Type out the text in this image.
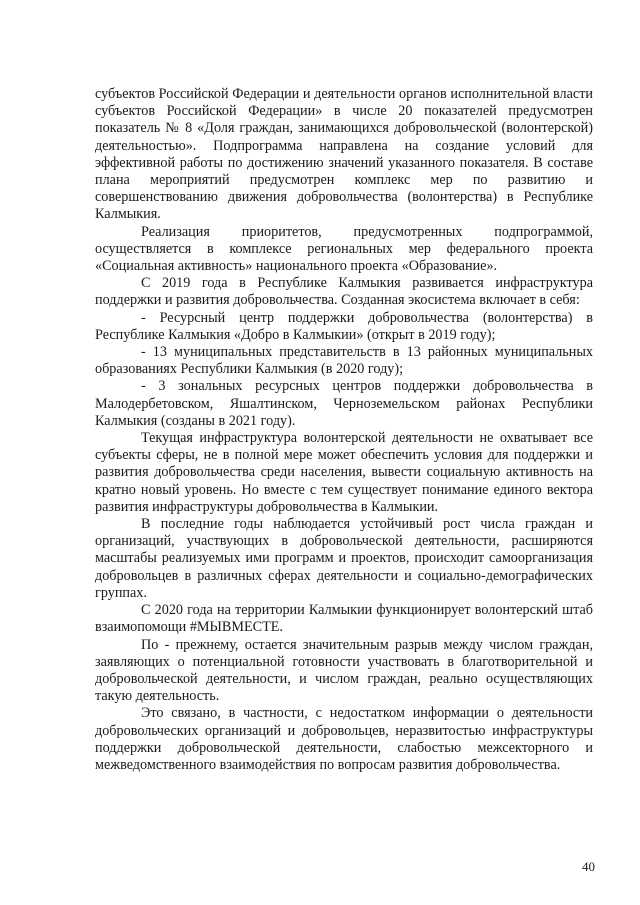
субъектов Российской Федерации и деятельности органов исполнительной власти субъектов Российской Федерации» в числе 20 показателей предусмотрен показатель № 8 «Доля граждан, занимающихся добровольческой (волонтерской) деятельностью». Подпрограмма направлена на создание условий для эффективной работы по достижению значений указанного показателя. В составе плана мероприятий предусмотрен комплекс мер по развитию и совершенствованию движения добровольчества (волонтерства) в Республике Калмыкия.

Реализация приоритетов, предусмотренных подпрограммой, осуществляется в комплексе региональных мер федерального проекта «Социальная активность» национального проекта «Образование».

С 2019 года в Республике Калмыкия развивается инфраструктура поддержки и развития добровольчества. Созданная экосистема включает в себя:

- Ресурсный центр поддержки добровольчества (волонтерства) в Республике Калмыкия «Добро в Калмыкии» (открыт в 2019 году);

- 13 муниципальных представительств в 13 районных муниципальных образованиях Республики Калмыкия (в 2020 году);

- 3 зональных ресурсных центров поддержки добровольчества в Малодербетовском, Яшалтинском, Черноземельском районах Республики Калмыкия (созданы в 2021 году).

Текущая инфраструктура волонтерской деятельности не охватывает все субъекты сферы, не в полной мере может обеспечить условия для поддержки и развития добровольчества среди населения, вывести социальную активность на кратно новый уровень. Но вместе с тем существует понимание единого вектора развития инфраструктуры добровольчества в Калмыкии.

В последние годы наблюдается устойчивый рост числа граждан и организаций, участвующих в добровольческой деятельности, расширяются масштабы реализуемых ими программ и проектов, происходит самоорганизация добровольцев в различных сферах деятельности и социально-демографических группах.

С 2020 года на территории Калмыкии функционирует волонтерский штаб взаимопомощи #МЫВМЕСТЕ.

По - прежнему, остается значительным разрыв между числом граждан, заявляющих о потенциальной готовности участвовать в благотворительной и добровольческой деятельности, и числом граждан, реально осуществляющих такую деятельность.

Это связано, в частности, с недостатком информации о деятельности добровольческих организаций и добровольцев, неразвитостью инфраструктуры поддержки добровольческой деятельности, слабостью межсекторного и межведомственного взаимодействия по вопросам развития добровольчества.

40
